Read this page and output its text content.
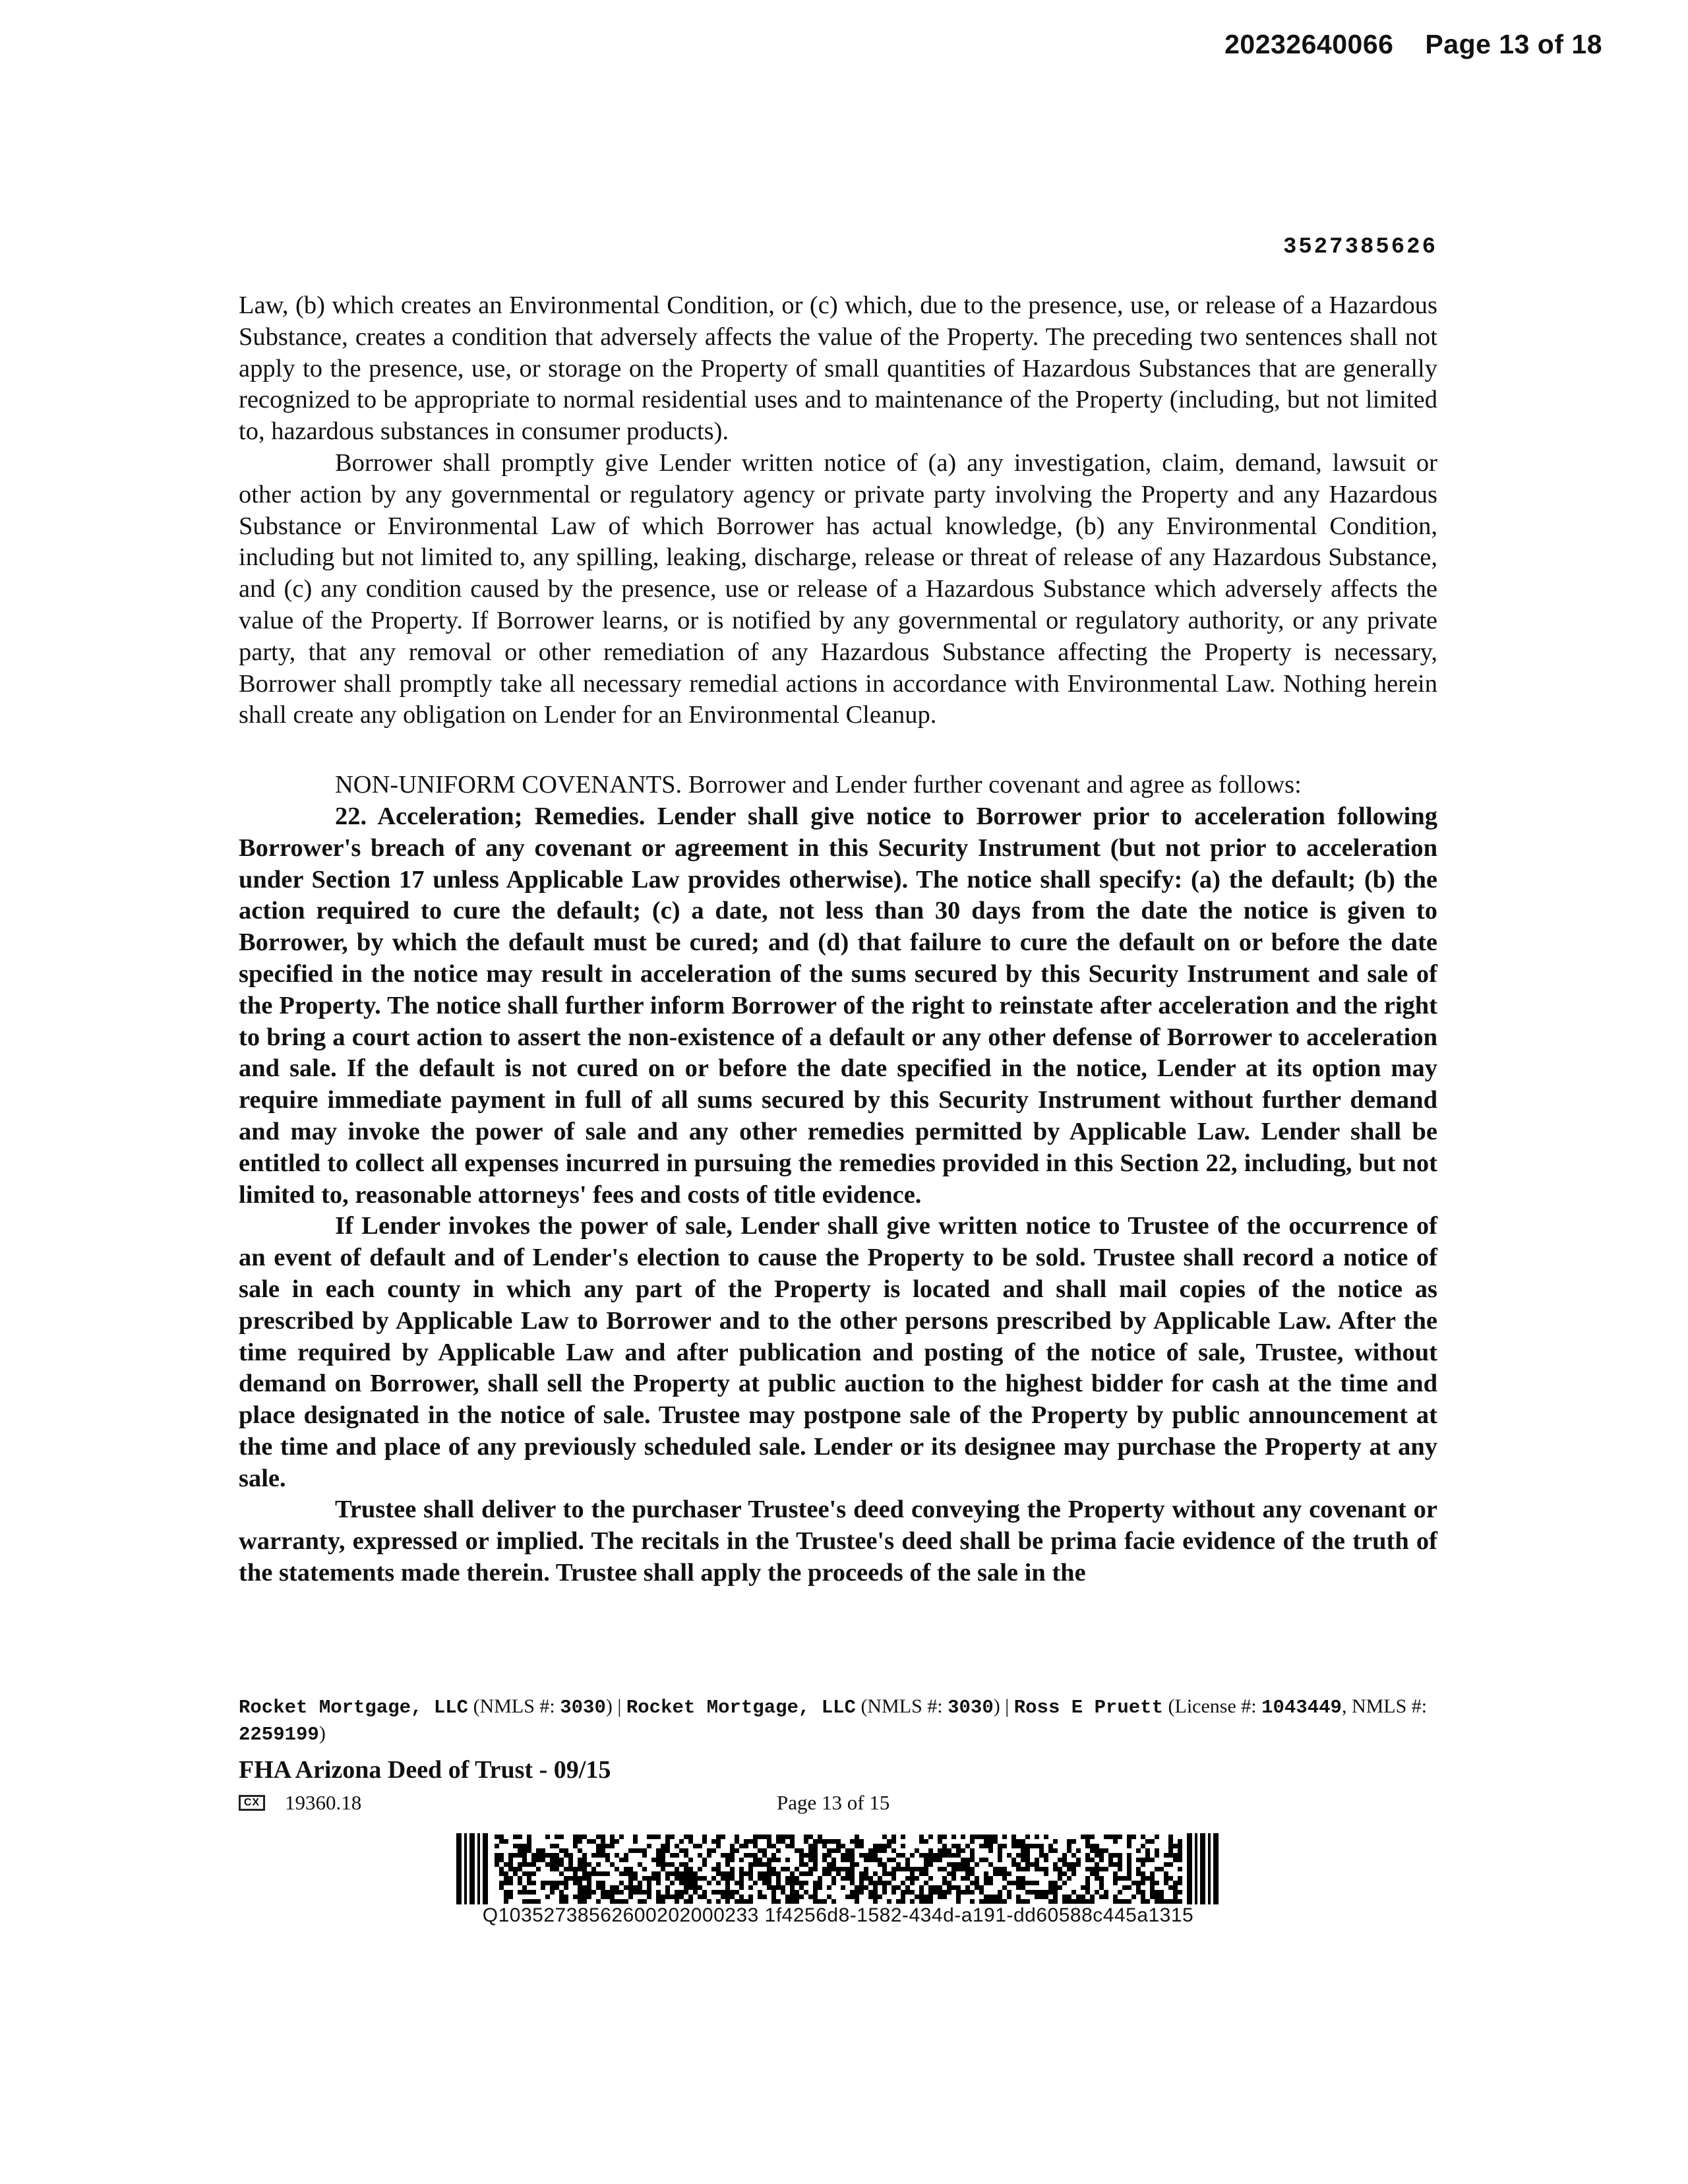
20232640066 Page 13 of 18
3527385626

Law, (b) which creates an Environmental Condition, or (c) which, due to the presence, use, or release of a Hazardous Substance, creates a condition that adversely affects the value of the Property. The preceding two sentences shall not apply to the presence, use, or storage on the Property of small quantities of Hazardous Substances that are generally recognized to be appropriate to normal residential uses and to maintenance of the Property (including, but not limited to, hazardous substances in consumer products).

Borrower shall promptly give Lender written notice of (a) any investigation, claim, demand, lawsuit or other action by any governmental or regulatory agency or private party involving the Property and any Hazardous Substance or Environmental Law of which Borrower has actual knowledge, (b) any Environmental Condition, including but not limited to, any spilling, leaking, discharge, release or threat of release of any Hazardous Substance, and (c) any condition caused by the presence, use or release of a Hazardous Substance which adversely affects the value of the Property. If Borrower learns, or is notified by any governmental or regulatory authority, or any private party, that any removal or other remediation of any Hazardous Substance affecting the Property is necessary, Borrower shall promptly take all necessary remedial actions in accordance with Environmental Law. Nothing herein shall create any obligation on Lender for an Environmental Cleanup.

NON-UNIFORM COVENANTS. Borrower and Lender further covenant and agree as follows:

22. Acceleration; Remedies. Lender shall give notice to Borrower prior to acceleration following Borrower's breach of any covenant or agreement in this Security Instrument (but not prior to acceleration under Section 17 unless Applicable Law provides otherwise). The notice shall specify: (a) the default; (b) the action required to cure the default; (c) a date, not less than 30 days from the date the notice is given to Borrower, by which the default must be cured; and (d) that failure to cure the default on or before the date specified in the notice may result in acceleration of the sums secured by this Security Instrument and sale of the Property. The notice shall further inform Borrower of the right to reinstate after acceleration and the right to bring a court action to assert the non-existence of a default or any other defense of Borrower to acceleration and sale. If the default is not cured on or before the date specified in the notice, Lender at its option may require immediate payment in full of all sums secured by this Security Instrument without further demand and may invoke the power of sale and any other remedies permitted by Applicable Law. Lender shall be entitled to collect all expenses incurred in pursuing the remedies provided in this Section 22, including, but not limited to, reasonable attorneys' fees and costs of title evidence.

If Lender invokes the power of sale, Lender shall give written notice to Trustee of the occurrence of an event of default and of Lender's election to cause the Property to be sold. Trustee shall record a notice of sale in each county in which any part of the Property is located and shall mail copies of the notice as prescribed by Applicable Law to Borrower and to the other persons prescribed by Applicable Law. After the time required by Applicable Law and after publication and posting of the notice of sale, Trustee, without demand on Borrower, shall sell the Property at public auction to the highest bidder for cash at the time and place designated in the notice of sale. Trustee may postpone sale of the Property by public announcement at the time and place of any previously scheduled sale. Lender or its designee may purchase the Property at any sale.

Trustee shall deliver to the purchaser Trustee's deed conveying the Property without any covenant or warranty, expressed or implied. The recitals in the Trustee's deed shall be prima facie evidence of the truth of the statements made therein. Trustee shall apply the proceeds of the sale in the

Rocket Mortgage, LLC (NMLS #: 3030) | Rocket Mortgage, LLC (NMLS #: 3030) | Ross E Pruett (License #: 1043449, NMLS #: 2259199)
FHA Arizona Deed of Trust - 09/15
CX 19360.18	Page 13 of 15
Q10352738562600202000233 1f4256d8-1582-434d-a191-dd60588c445a1315
